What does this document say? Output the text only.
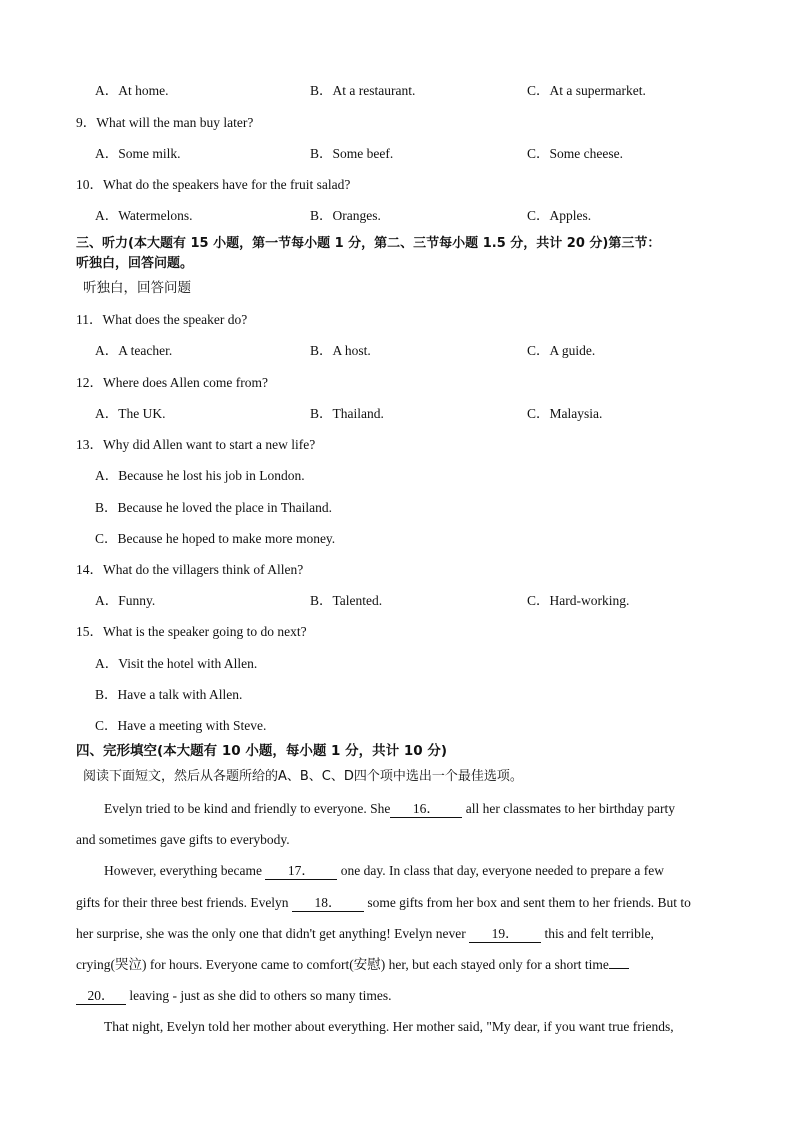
A．At home.	B．At a restaurant.	C．At a supermarket.
9．What will the man buy later?
A．Some milk.	B．Some beef.	C．Some cheese.
10．What do the speakers have for the fruit salad?
A．Watermelons.	B．Oranges.	C．Apples.
三、听力(本大题有 15 小题，第一节每小题 1 分，第二、三节每小题 1.5 分，共计 20 分)第三节：
听独白，回答问题。
听独白，回答问题
11．What does the speaker do?
A．A teacher.	B．A host.	C．A guide.
12．Where does Allen come from?
A．The UK.	B．Thailand.	C．Malaysia.
13．Why did Allen want to start a new life?
A．Because he lost his job in London.
B．Because he loved the place in Thailand.
C．Because he hoped to make more money.
14．What do the villagers think of Allen?
A．Funny.	B．Talented.	C．Hard-working.
15．What is the speaker going to do next?
A．Visit the hotel with Allen.
B．Have a talk with Allen.
C．Have a meeting with Steve.
四、完形填空(本大题有 10 小题，每小题 1 分，共计 10 分)
阅读下面短文，然后从各题所给的A、B、C、D四个项中选出一个最佳选项。
Evelyn tried to be kind and friendly to everyone. She 16． all her classmates to her birthday party
and sometimes gave gifts to everybody.
However, everything became 17． one day. In class that day, everyone needed to prepare a few
gifts for their three best friends. Evelyn 18． some gifts from her box and sent them to her friends. But to
her surprise, she was the only one that didn't get anything! Evelyn never 19． this and felt terrible,
crying(哭泣) for hours. Everyone came to comfort(安慰) her, but each stayed only for a short time
20． leaving - just as she did to others so many times.
That night, Evelyn told her mother about everything. Her mother said, "My dear, if you want true friends,
